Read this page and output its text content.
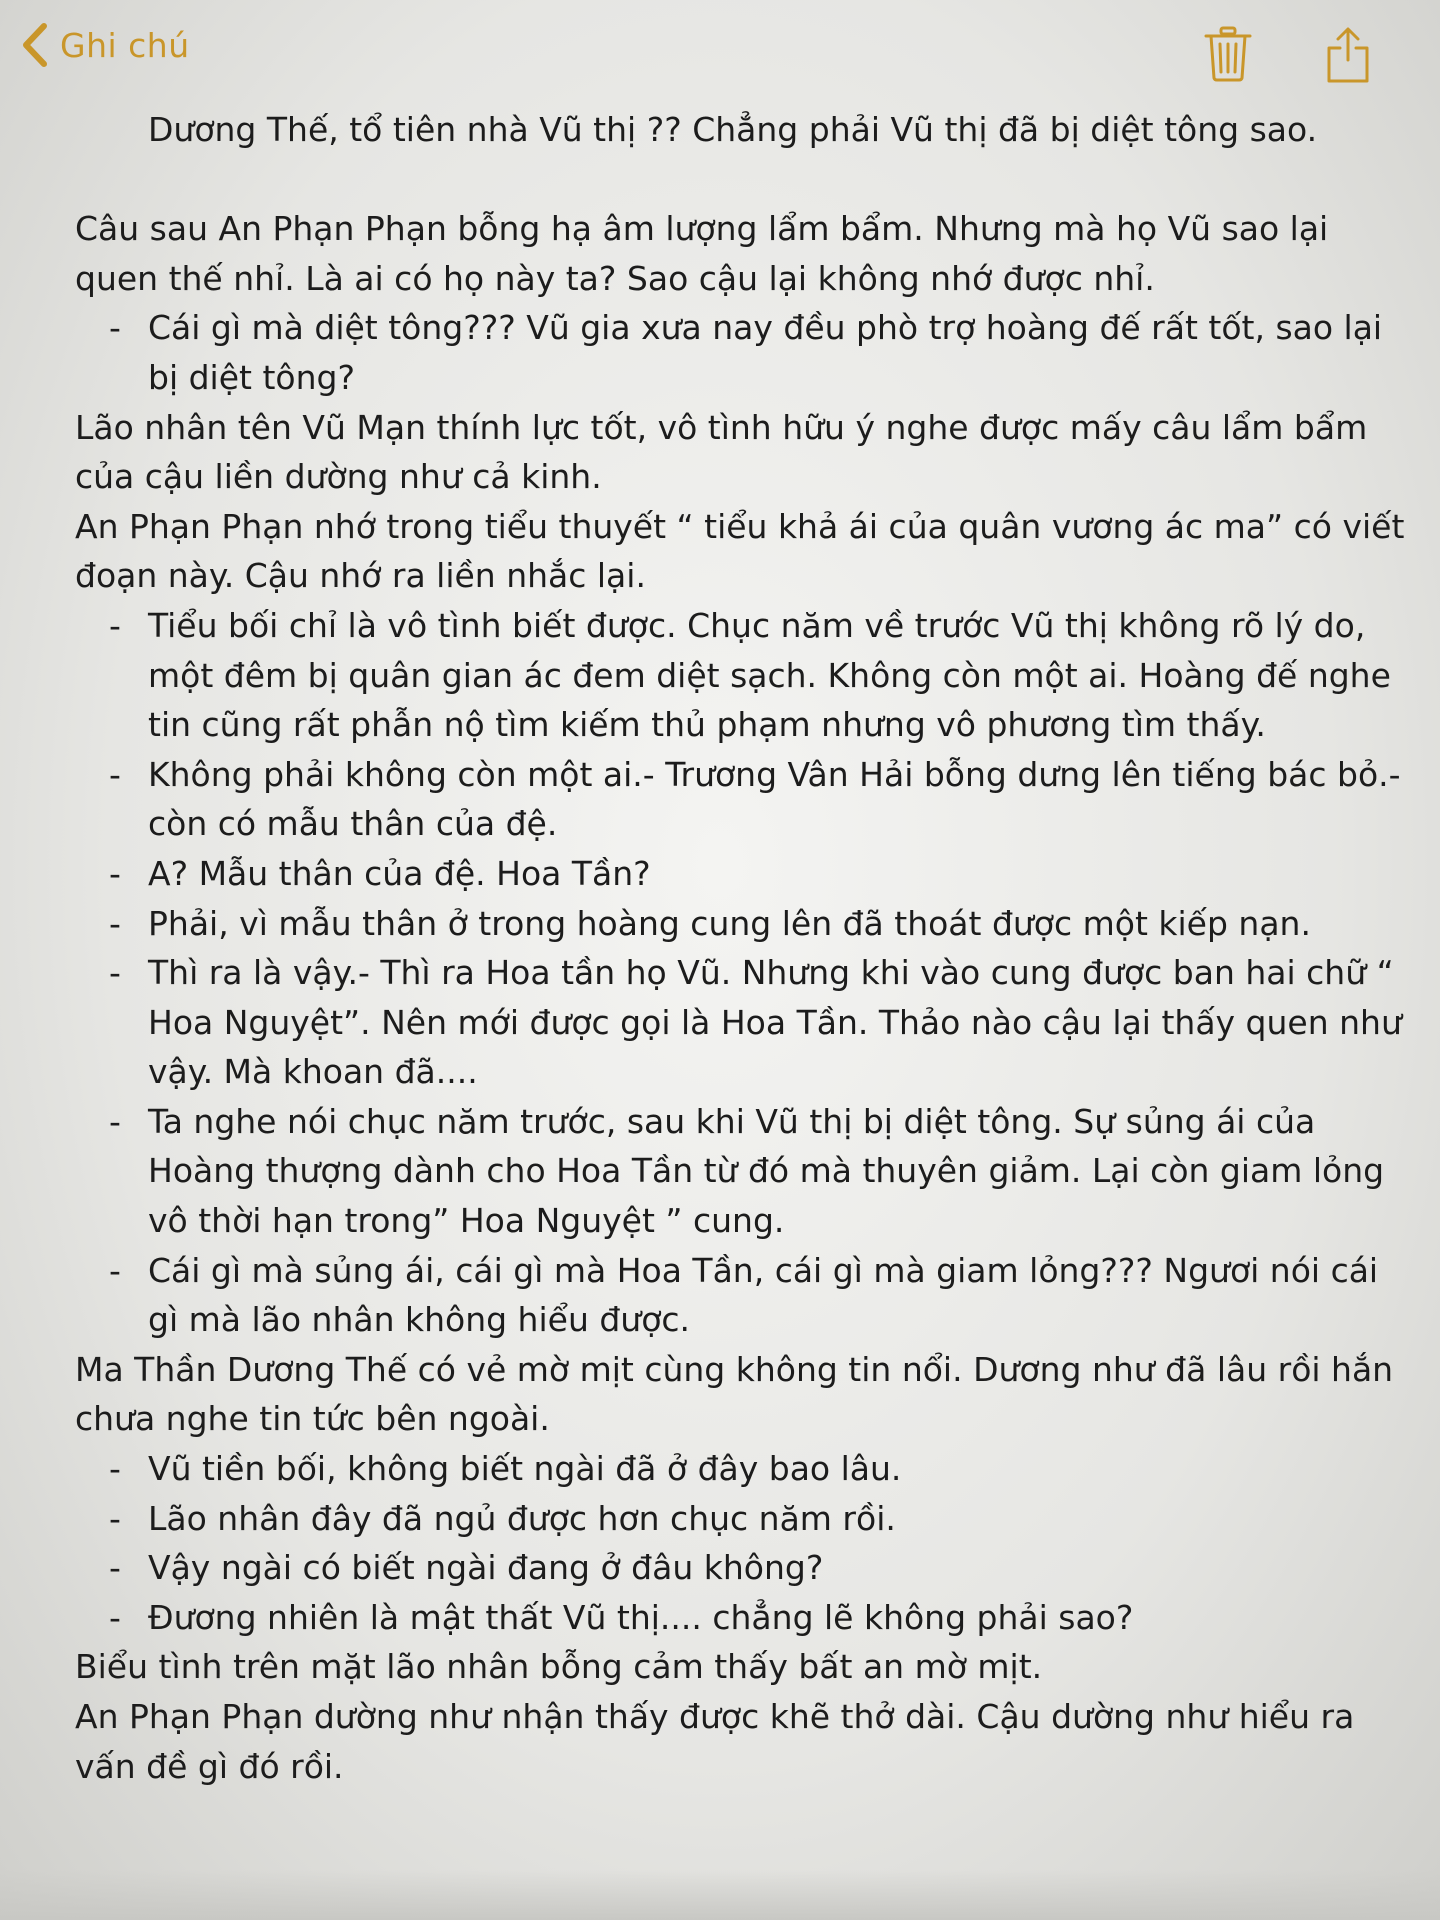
Ghi chú

Dương Thế, tổ tiên nhà Vũ thị ?? Chẳng phải Vũ thị đã bị diệt tông sao.

Câu sau An Phạn Phạn bỗng hạ âm lượng lẩm bẩm. Nhưng mà họ Vũ sao lại quen thế nhỉ. Là ai có họ này ta? Sao cậu lại không nhớ được nhỉ.

- Cái gì mà diệt tông??? Vũ gia xưa nay đều phò trợ hoàng đế rất tốt, sao lại bị diệt tông?

Lão nhân tên Vũ Mạn thính lực tốt, vô tình hữu ý nghe được mấy câu lẩm bẩm của cậu liền dường như cả kinh.

An Phạn Phạn nhớ trong tiểu thuyết “ tiểu khả ái của quân vương ác ma” có viết đoạn này. Cậu nhớ ra liền nhắc lại.

- Tiểu bối chỉ là vô tình biết được. Chục năm về trước Vũ thị không rõ lý do, một đêm bị quân gian ác đem diệt sạch. Không còn một ai. Hoàng đế nghe tin cũng rất phẫn nộ tìm kiếm thủ phạm nhưng vô phương tìm thấy.
- Không phải không còn một ai.- Trương Vân Hải bỗng dưng lên tiếng bác bỏ.- còn có mẫu thân của đệ.
- A? Mẫu thân của đệ. Hoa Tần?
- Phải, vì mẫu thân ở trong hoàng cung lên đã thoát được một kiếp nạn.
- Thì ra là vậy.- Thì ra Hoa tần họ Vũ. Nhưng khi vào cung được ban hai chữ “ Hoa Nguyệt”. Nên mới được gọi là Hoa Tần. Thảo nào cậu lại thấy quen như vậy. Mà khoan đã....
- Ta nghe nói chục năm trước, sau khi Vũ thị bị diệt tông. Sự sủng ái của Hoàng thượng dành cho Hoa Tần từ đó mà thuyên giảm. Lại còn giam lỏng vô thời hạn trong” Hoa Nguyệt ” cung.
- Cái gì mà sủng ái, cái gì mà Hoa Tần, cái gì mà giam lỏng??? Ngươi nói cái gì mà lão nhân không hiểu được.

Ma Thần Dương Thế có vẻ mờ mịt cùng không tin nổi. Dương như đã lâu rồi hắn chưa nghe tin tức bên ngoài.

- Vũ tiền bối, không biết ngài đã ở đây bao lâu.
- Lão nhân đây đã ngủ được hơn chục năm rồi.
- Vậy ngài có biết ngài đang ở đâu không?
- Đương nhiên là mật thất Vũ thị.... chẳng lẽ không phải sao?

Biểu tình trên mặt lão nhân bỗng cảm thấy bất an mờ mịt.

An Phạn Phạn dường như nhận thấy được khẽ thở dài. Cậu dường như hiểu ra vấn đề gì đó rồi.
